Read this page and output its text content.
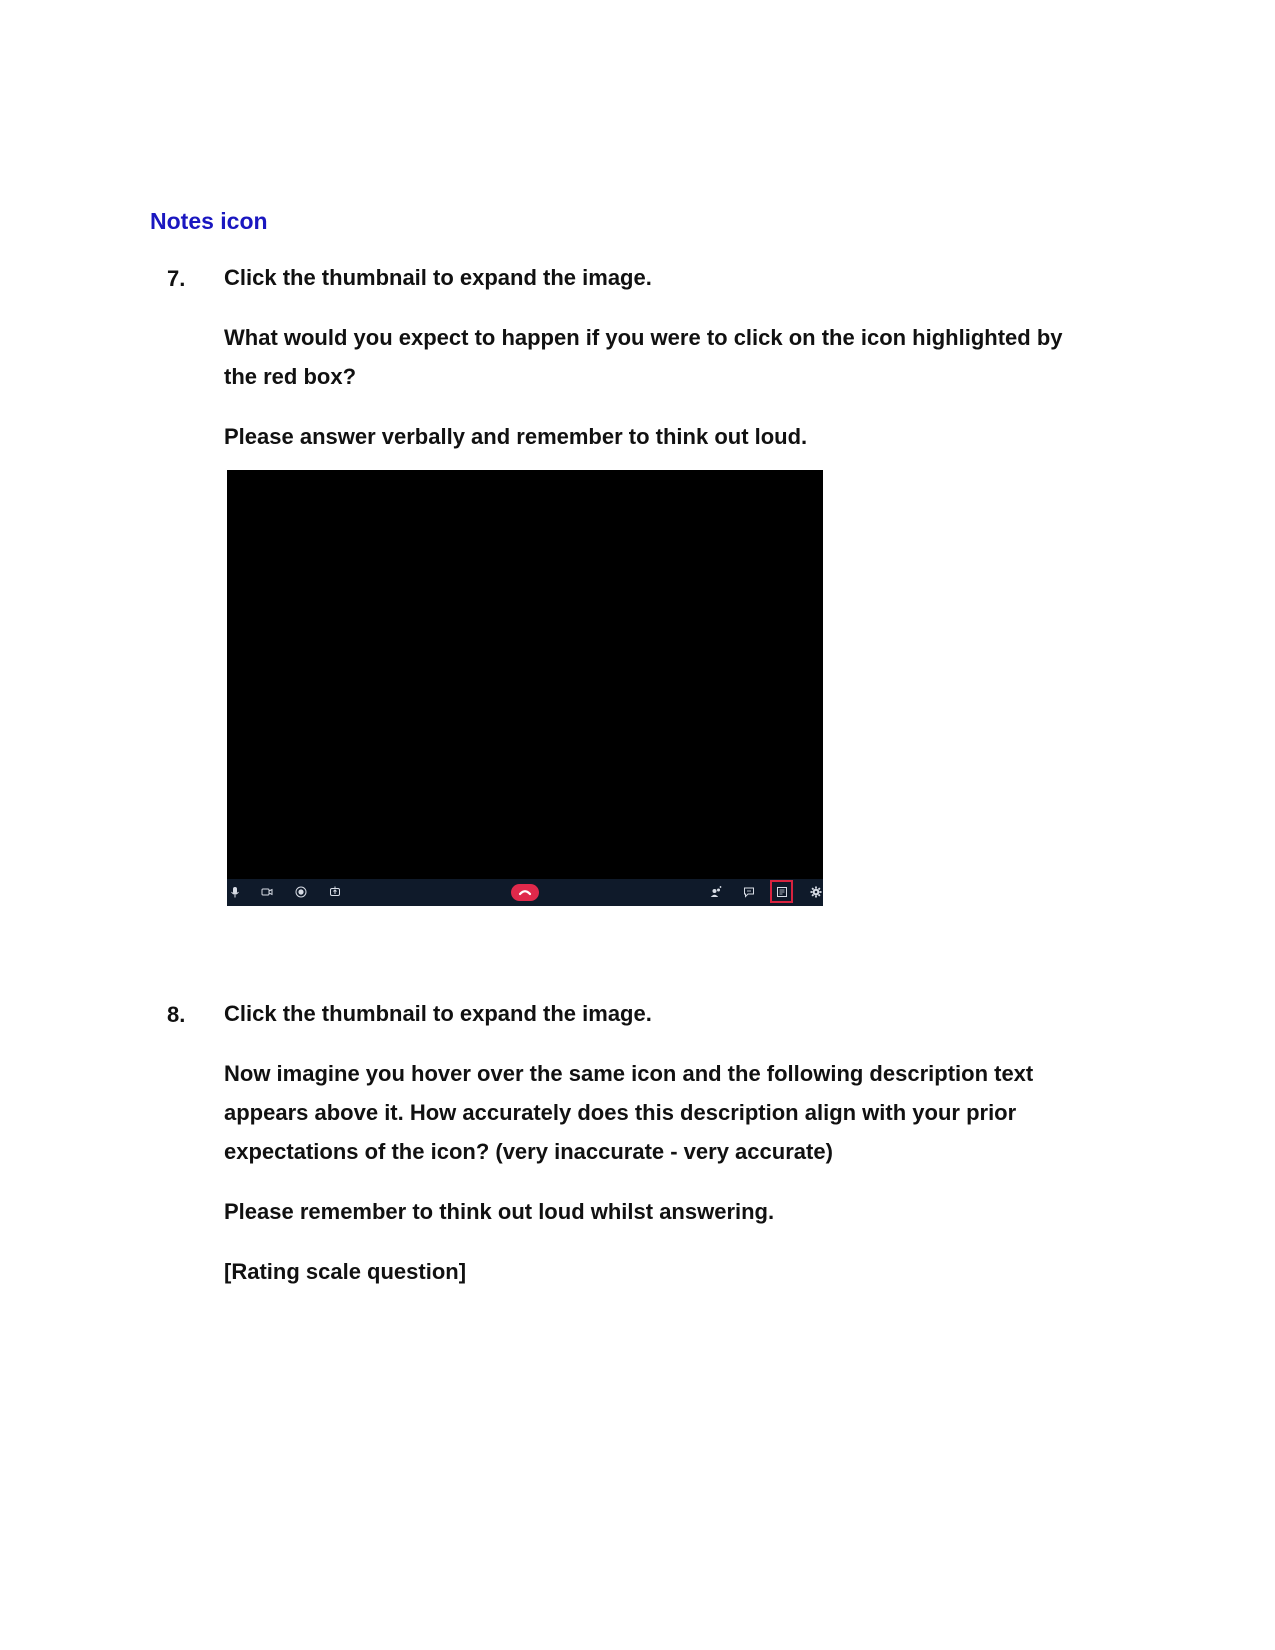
Notes icon
7. Click the thumbnail to expand the image.

What would you expect to happen if you were to click on the icon highlighted by

the red box?

Please answer verbally and remember to think out loud.

8. Click the thumbnail to expand the image.

Now imagine you hover over the same icon and the following description text

appears above it. How accurately does this description align with your prior

expectations of the icon? (very inaccurate - very accurate)

Please remember to think out loud whilst answering.

[Rating scale question]
